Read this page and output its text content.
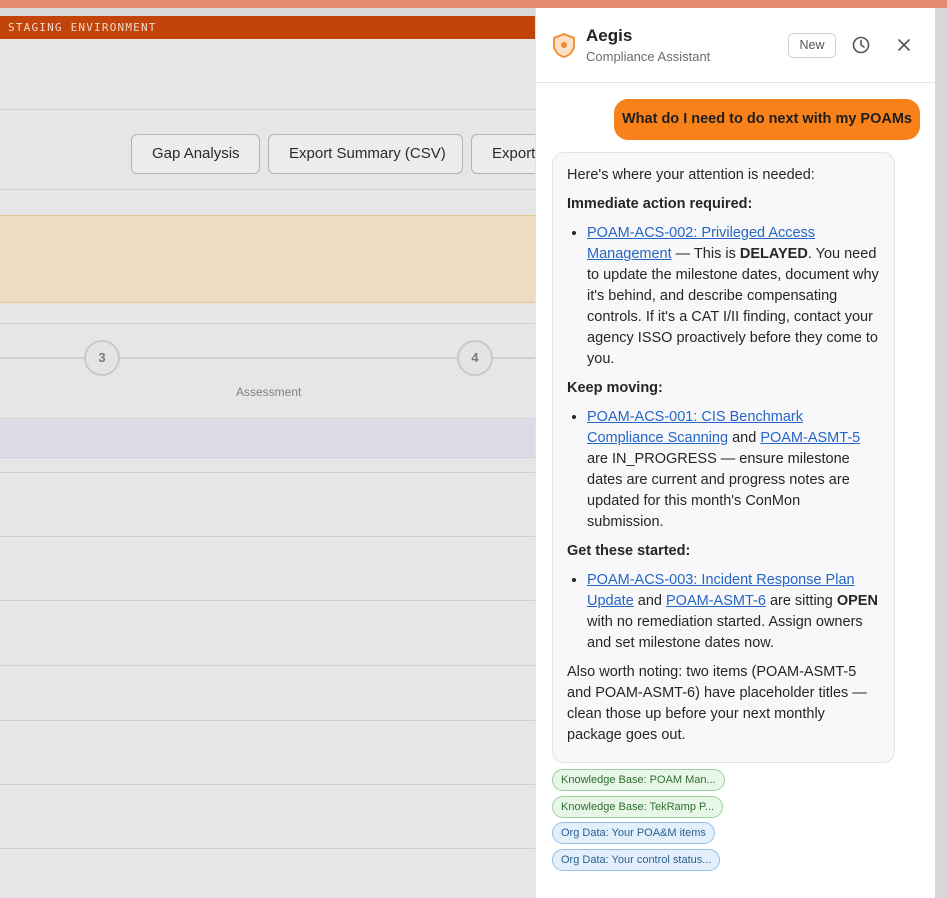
STAGING ENVIRONMENT
Gap Analysis	Export Summary (CSV)	Export
3
Assessment
4
Aegis
Compliance Assistant
New
What do I need to do next with my POAMs

Here's where your attention is needed:

Immediate action required:

• POAM-ACS-002: Privileged Access Management — This is DELAYED. You need to update the milestone dates, document why it's behind, and describe compensating controls. If it's a CAT I/II finding, contact your agency ISSO proactively before they come to you.

Keep moving:

• POAM-ACS-001: CIS Benchmark Compliance Scanning and POAM-ASMT-5 are IN_PROGRESS — ensure milestone dates are current and progress notes are updated for this month's ConMon submission.

Get these started:

• POAM-ACS-003: Incident Response Plan Update and POAM-ASMT-6 are sitting OPEN with no remediation started. Assign owners and set milestone dates now.

Also worth noting: two items (POAM-ASMT-5 and POAM-ASMT-6) have placeholder titles — clean those up before your next monthly package goes out.

Knowledge Base: POAM Man...
Knowledge Base: TekRamp P...
Org Data: Your POA&M items
Org Data: Your control status...
